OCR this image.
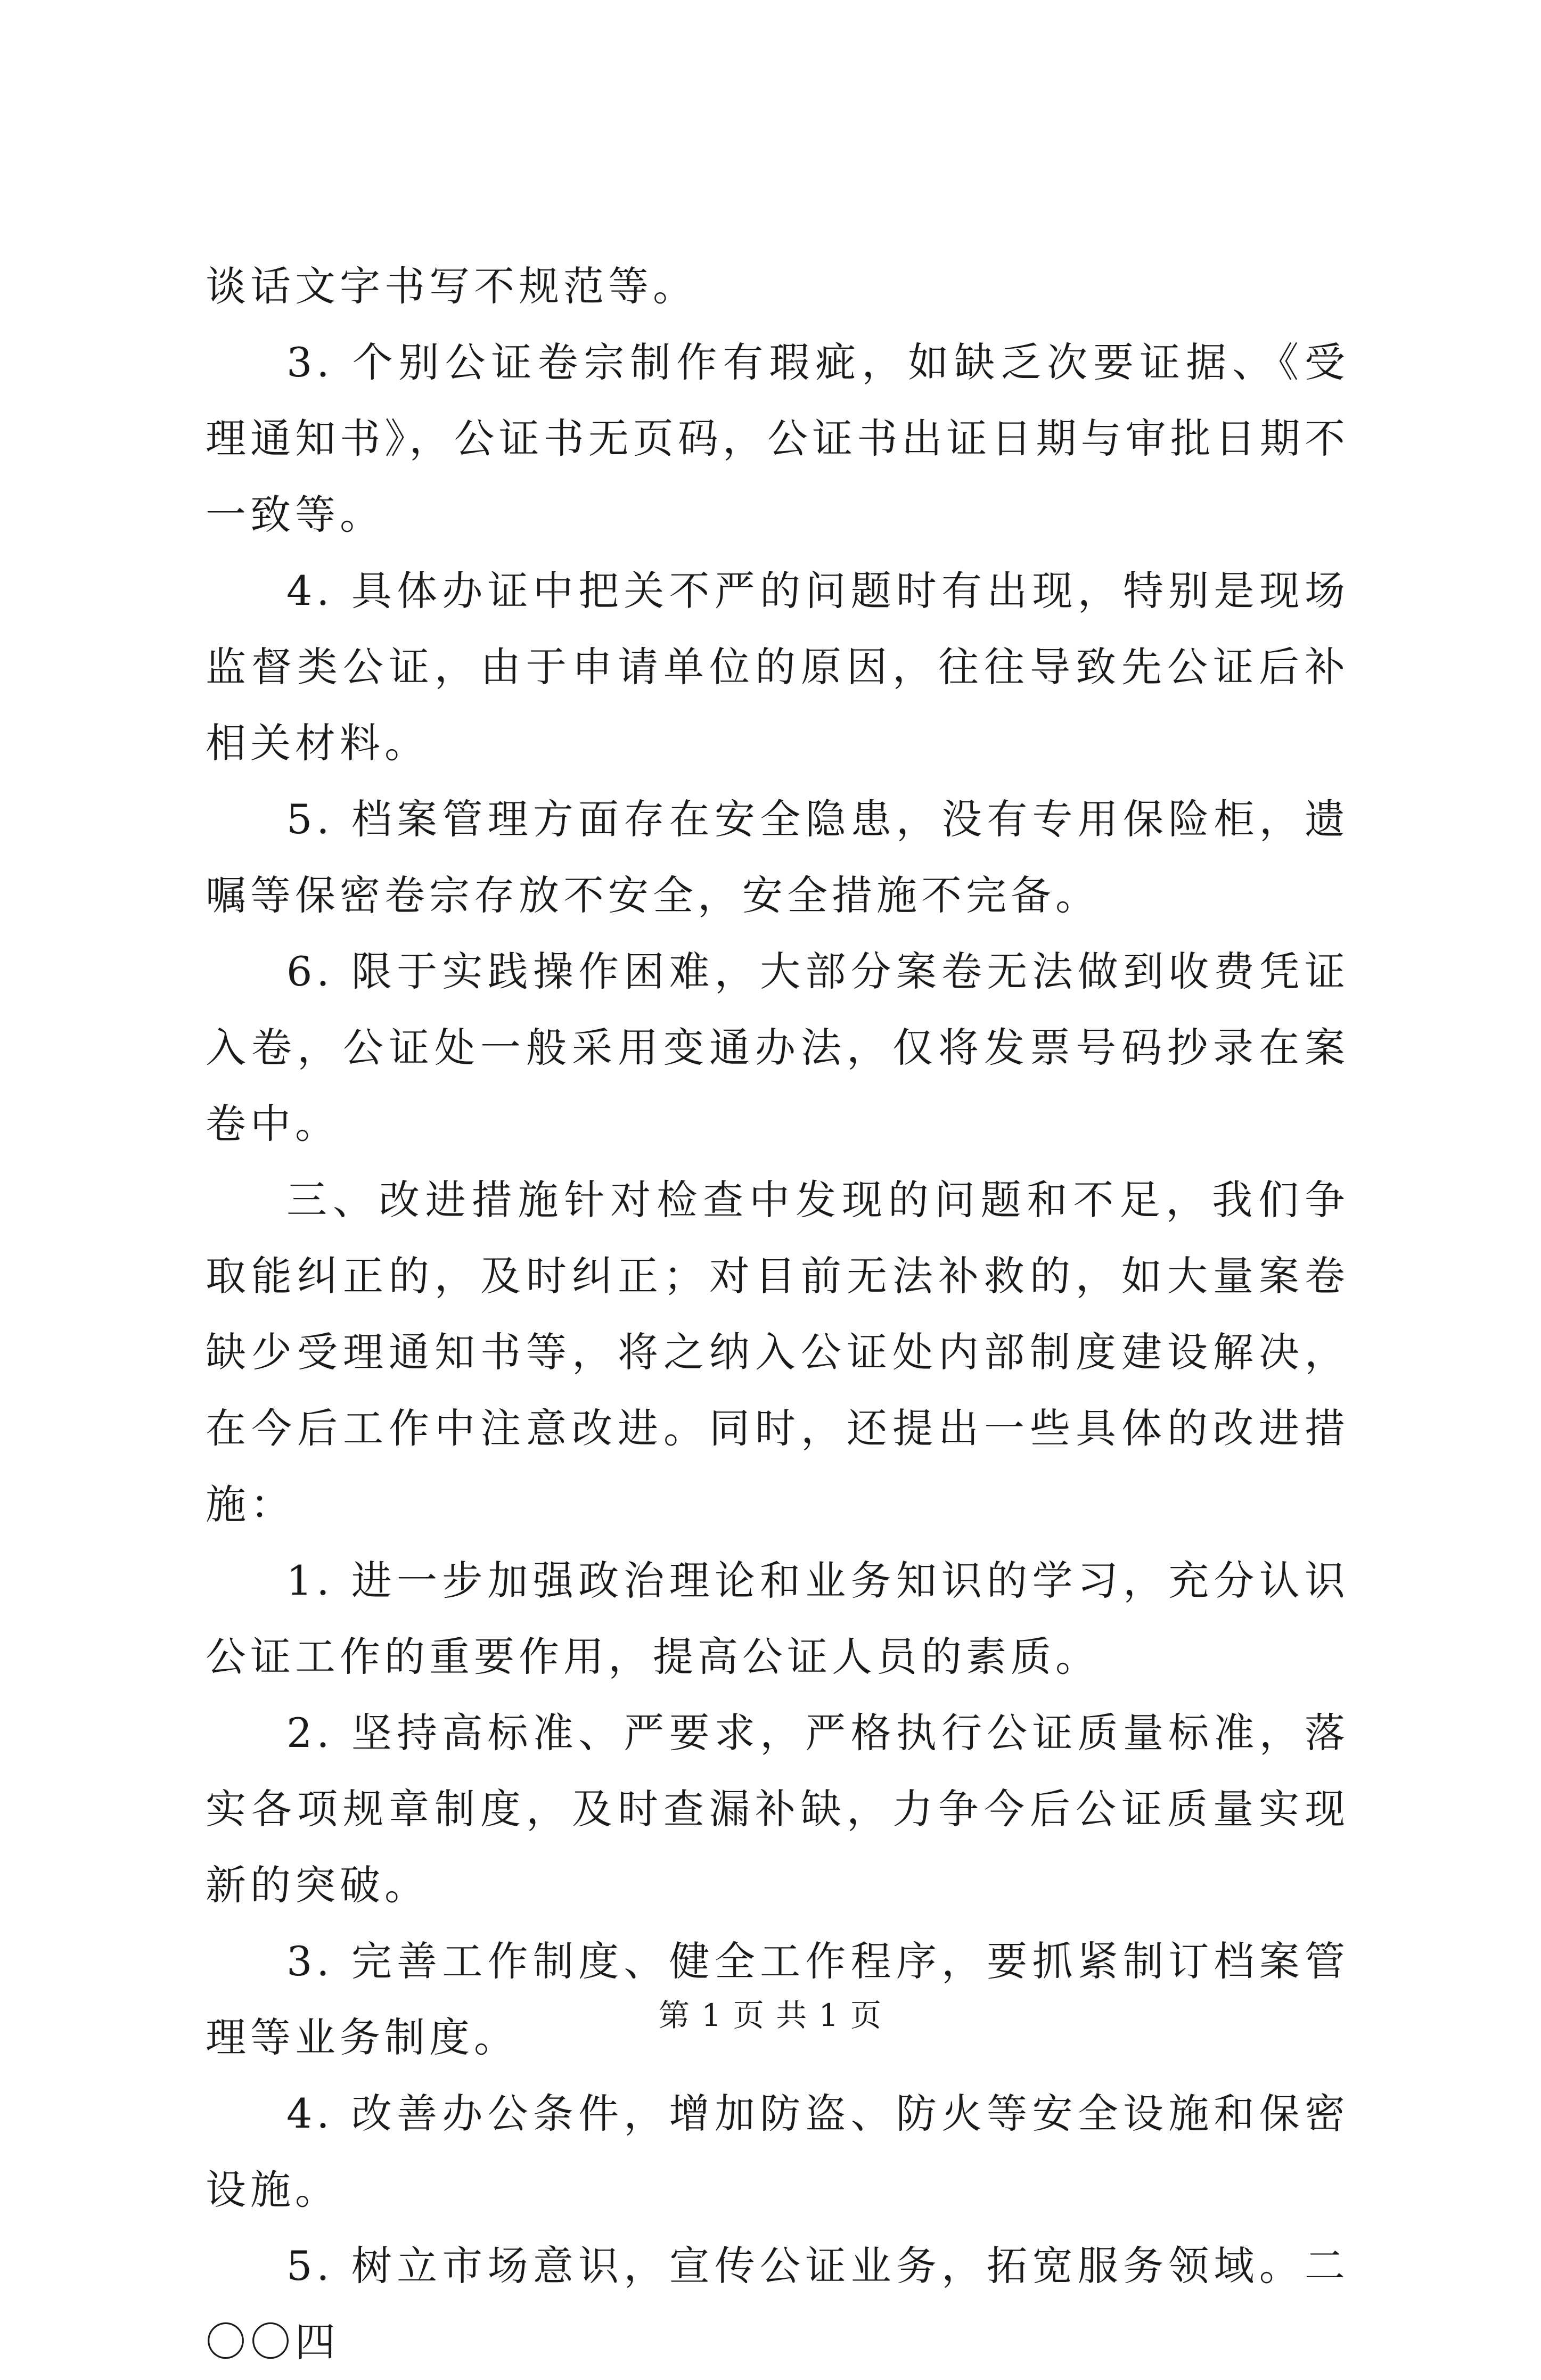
谈话文字书写不规范等。

3. 个别公证卷宗制作有瑕疵，如缺乏次要证据、《受理通知书》，公证书无页码，公证书出证日期与审批日期不一致等。

4. 具体办证中把关不严的问题时有出现，特别是现场监督类公证，由于申请单位的原因，往往导致先公证后补相关材料。

5. 档案管理方面存在安全隐患，没有专用保险柜，遗嘱等保密卷宗存放不安全，安全措施不完备。

6. 限于实践操作困难，大部分案卷无法做到收费凭证入卷，公证处一般采用变通办法，仅将发票号码抄录在案卷中。

三、改进措施针对检查中发现的问题和不足，我们争取能纠正的，及时纠正；对目前无法补救的，如大量案卷缺少受理通知书等，将之纳入公证处内部制度建设解决，在今后工作中注意改进。同时，还提出一些具体的改进措施：

1. 进一步加强政治理论和业务知识的学习，充分认识公证工作的重要作用，提高公证人员的素质。

2. 坚持高标准、严要求，严格执行公证质量标准，落实各项规章制度，及时查漏补缺，力争今后公证质量实现新的突破。

3. 完善工作制度、健全工作程序，要抓紧制订档案管理等业务制度。

4. 改善办公条件，增加防盗、防火等安全设施和保密设施。

5. 树立市场意识，宣传公证业务，拓宽服务领域。二〇〇四

第 1 页 共 1 页
